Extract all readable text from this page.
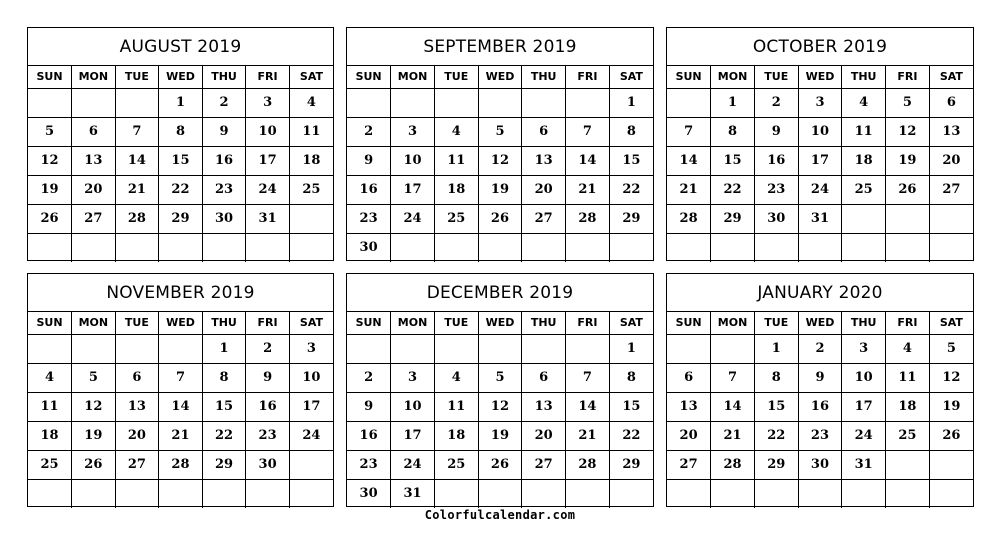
AUGUST 2019
SUN	MON	TUE	WED	THU	FRI	SAT
			1	2	3	4
5	6	7	8	9	10	11
12	13	14	15	16	17	18
19	20	21	22	23	24	25
26	27	28	29	30	31	

SEPTEMBER 2019
SUN	MON	TUE	WED	THU	FRI	SAT
						1
2	3	4	5	6	7	8
9	10	11	12	13	14	15
16	17	18	19	20	21	22
23	24	25	26	27	28	29
30						
OCTOBER 2019
SUN	MON	TUE	WED	THU	FRI	SAT
	1	2	3	4	5	6
7	8	9	10	11	12	13
14	15	16	17	18	19	20
21	22	23	24	25	26	27
28	29	30	31			

NOVEMBER 2019
SUN	MON	TUE	WED	THU	FRI	SAT
				1	2	3
4	5	6	7	8	9	10
11	12	13	14	15	16	17
18	19	20	21	22	23	24
25	26	27	28	29	30	

DECEMBER 2019
SUN	MON	TUE	WED	THU	FRI	SAT
						1
2	3	4	5	6	7	8
9	10	11	12	13	14	15
16	17	18	19	20	21	22
23	24	25	26	27	28	29
30	31					
JANUARY 2020
SUN	MON	TUE	WED	THU	FRI	SAT
		1	2	3	4	5
6	7	8	9	10	11	12
13	14	15	16	17	18	19
20	21	22	23	24	25	26
27	28	29	30	31		

Colorfulcalendar.com
